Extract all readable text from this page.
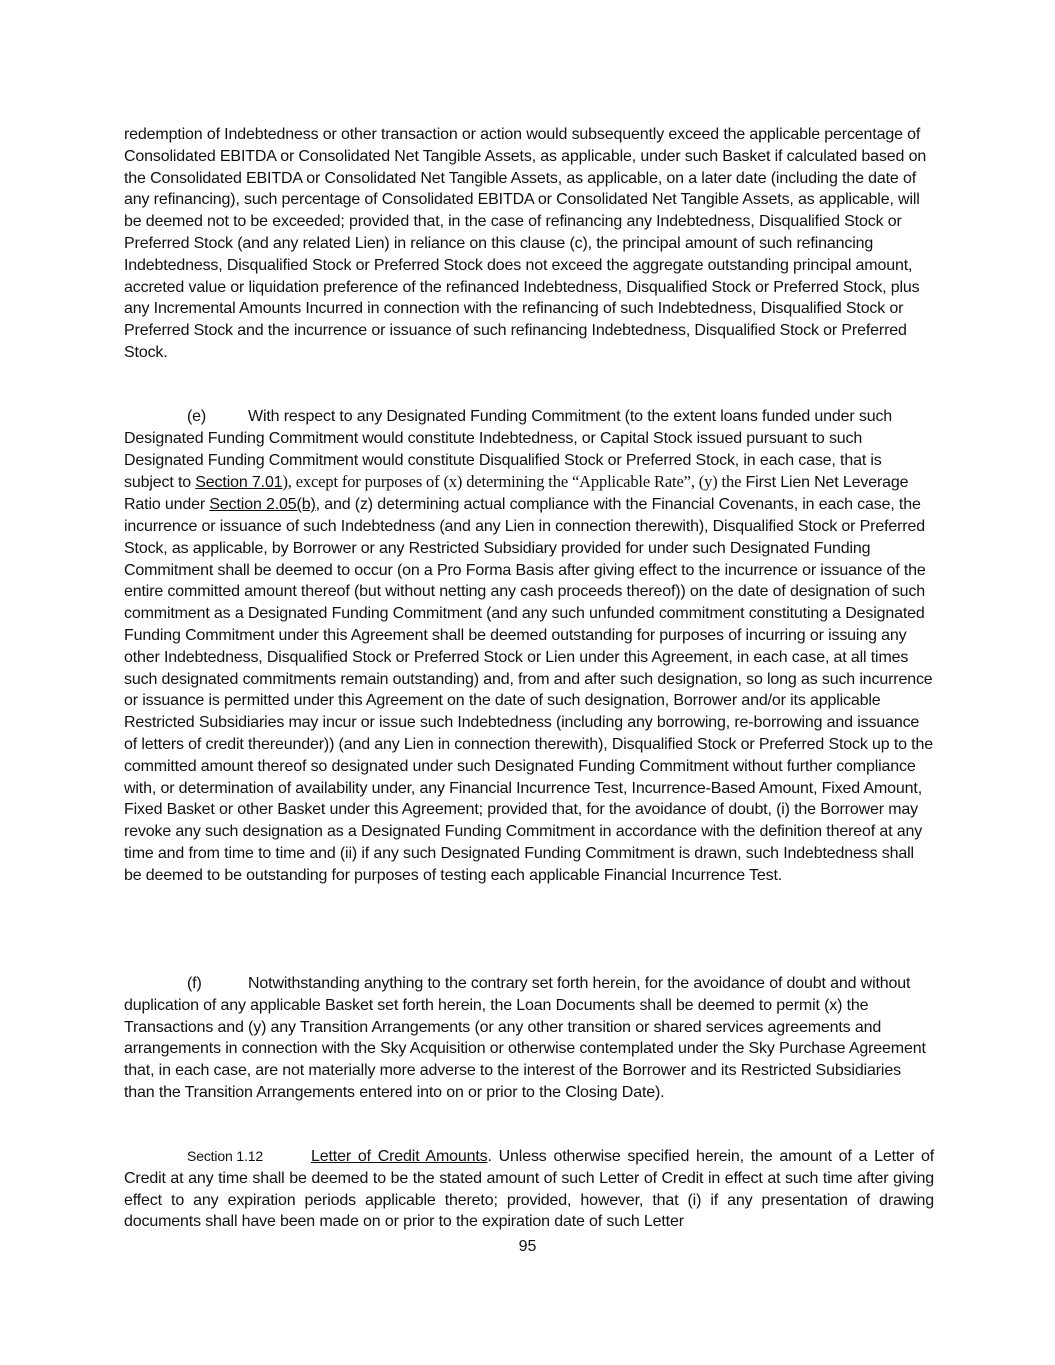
redemption of Indebtedness or other transaction or action would subsequently exceed the applicable percentage of Consolidated EBITDA or Consolidated Net Tangible Assets, as applicable, under such Basket if calculated based on the Consolidated EBITDA or Consolidated Net Tangible Assets, as applicable, on a later date (including the date of any refinancing), such percentage of Consolidated EBITDA or Consolidated Net Tangible Assets, as applicable, will be deemed not to be exceeded; provided that, in the case of refinancing any Indebtedness, Disqualified Stock or Preferred Stock (and any related Lien) in reliance on this clause (c), the principal amount of such refinancing Indebtedness, Disqualified Stock or Preferred Stock does not exceed the aggregate outstanding principal amount, accreted value or liquidation preference of the refinanced Indebtedness, Disqualified Stock or Preferred Stock, plus any Incremental Amounts Incurred in connection with the refinancing of such Indebtedness, Disqualified Stock or Preferred Stock and the incurrence or issuance of such refinancing Indebtedness, Disqualified Stock or Preferred Stock.

(e)	With respect to any Designated Funding Commitment (to the extent loans funded under such Designated Funding Commitment would constitute Indebtedness, or Capital Stock issued pursuant to such Designated Funding Commitment would constitute Disqualified Stock or Preferred Stock, in each case, that is subject to Section 7.01), except for purposes of (x) determining the “Applicable Rate”, (y) the First Lien Net Leverage Ratio under Section 2.05(b), and (z) determining actual compliance with the Financial Covenants, in each case, the incurrence or issuance of such Indebtedness (and any Lien in connection therewith), Disqualified Stock or Preferred Stock, as applicable, by Borrower or any Restricted Subsidiary provided for under such Designated Funding Commitment shall be deemed to occur (on a Pro Forma Basis after giving effect to the incurrence or issuance of the entire committed amount thereof (but without netting any cash proceeds thereof)) on the date of designation of such commitment as a Designated Funding Commitment (and any such unfunded commitment constituting a Designated Funding Commitment under this Agreement shall be deemed outstanding for purposes of incurring or issuing any other Indebtedness, Disqualified Stock or Preferred Stock or Lien under this Agreement, in each case, at all times such designated commitments remain outstanding) and, from and after such designation, so long as such incurrence or issuance is permitted under this Agreement on the date of such designation, Borrower and/or its applicable Restricted Subsidiaries may incur or issue such Indebtedness (including any borrowing, re-borrowing and issuance of letters of credit thereunder)) (and any Lien in connection therewith), Disqualified Stock or Preferred Stock up to the committed amount thereof so designated under such Designated Funding Commitment without further compliance with, or determination of availability under, any Financial Incurrence Test, Incurrence-Based Amount, Fixed Amount, Fixed Basket or other Basket under this Agreement; provided that, for the avoidance of doubt, (i) the Borrower may revoke any such designation as a Designated Funding Commitment in accordance with the definition thereof at any time and from time to time and (ii) if any such Designated Funding Commitment is drawn, such Indebtedness shall be deemed to be outstanding for purposes of testing each applicable Financial Incurrence Test.

(f)	Notwithstanding anything to the contrary set forth herein, for the avoidance of doubt and without duplication of any applicable Basket set forth herein, the Loan Documents shall be deemed to permit (x) the Transactions and (y) any Transition Arrangements (or any other transition or shared services agreements and arrangements in connection with the Sky Acquisition or otherwise contemplated under the Sky Purchase Agreement that, in each case, are not materially more adverse to the interest of the Borrower and its Restricted Subsidiaries than the Transition Arrangements entered into on or prior to the Closing Date).

Section 1.12	Letter of Credit Amounts. Unless otherwise specified herein, the amount of a Letter of Credit at any time shall be deemed to be the stated amount of such Letter of Credit in effect at such time after giving effect to any expiration periods applicable thereto; provided, however, that (i) if any presentation of drawing documents shall have been made on or prior to the expiration date of such Letter

95
